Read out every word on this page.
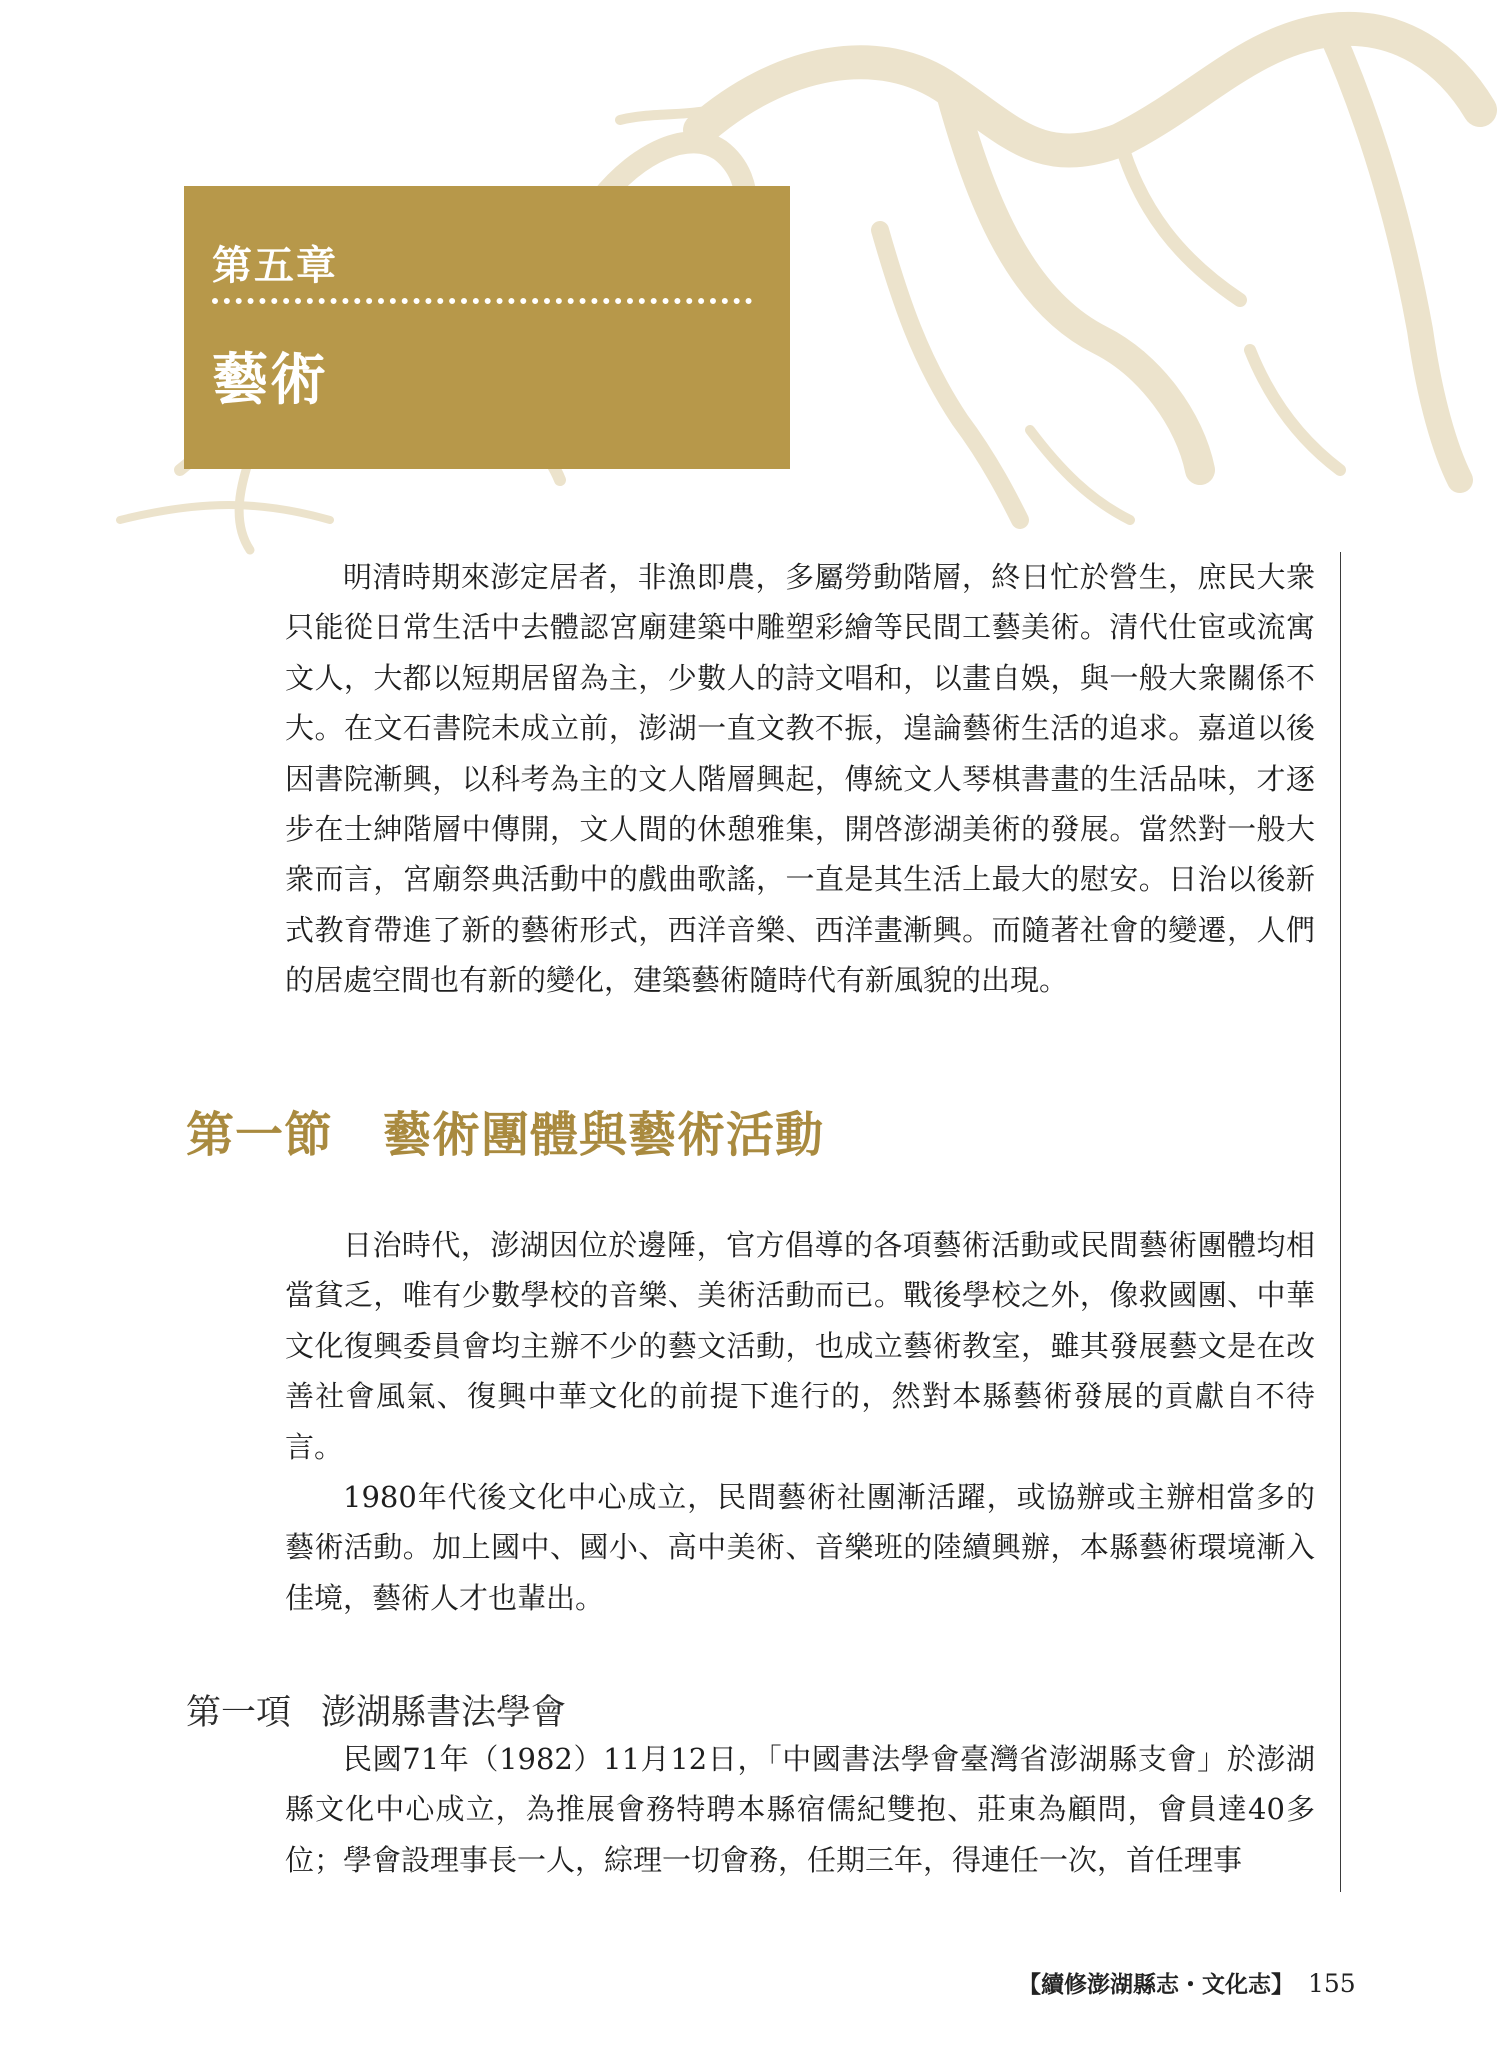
第五章
藝術

明清時期來澎定居者，非漁即農，多屬勞動階層，終日忙於營生，庶民大衆只能從日常生活中去體認宮廟建築中雕塑彩繪等民間工藝美術。清代仕宦或流寓文人，大都以短期居留為主，少數人的詩文唱和，以畫自娛，與一般大衆關係不大。在文石書院未成立前，澎湖一直文教不振，遑論藝術生活的追求。嘉道以後因書院漸興，以科考為主的文人階層興起，傳統文人琴棋書畫的生活品味，才逐步在士紳階層中傳開，文人間的休憩雅集，開啓澎湖美術的發展。當然對一般大衆而言，宮廟祭典活動中的戲曲歌謠，一直是其生活上最大的慰安。日治以後新式教育帶進了新的藝術形式，西洋音樂、西洋畫漸興。而隨著社會的變遷，人們的居處空間也有新的變化，建築藝術隨時代有新風貌的出現。

第一節 藝術團體與藝術活動

日治時代，澎湖因位於邊陲，官方倡導的各項藝術活動或民間藝術團體均相當貧乏，唯有少數學校的音樂、美術活動而已。戰後學校之外，像救國團、中華文化復興委員會均主辦不少的藝文活動，也成立藝術教室，雖其發展藝文是在改善社會風氣、復興中華文化的前提下進行的，然對本縣藝術發展的貢獻自不待言。

1980年代後文化中心成立，民間藝術社團漸活躍，或協辦或主辦相當多的藝術活動。加上國中、國小、高中美術、音樂班的陸續興辦，本縣藝術環境漸入佳境，藝術人才也輩出。

第一項 澎湖縣書法學會

民國71年（1982）11月12日，「中國書法學會臺灣省澎湖縣支會」於澎湖縣文化中心成立，為推展會務特聘本縣宿儒紀雙抱、莊東為顧問，會員達40多位；學會設理事長一人，綜理一切會務，任期三年，得連任一次，首任理事

【續修澎湖縣志・文化志】 155
